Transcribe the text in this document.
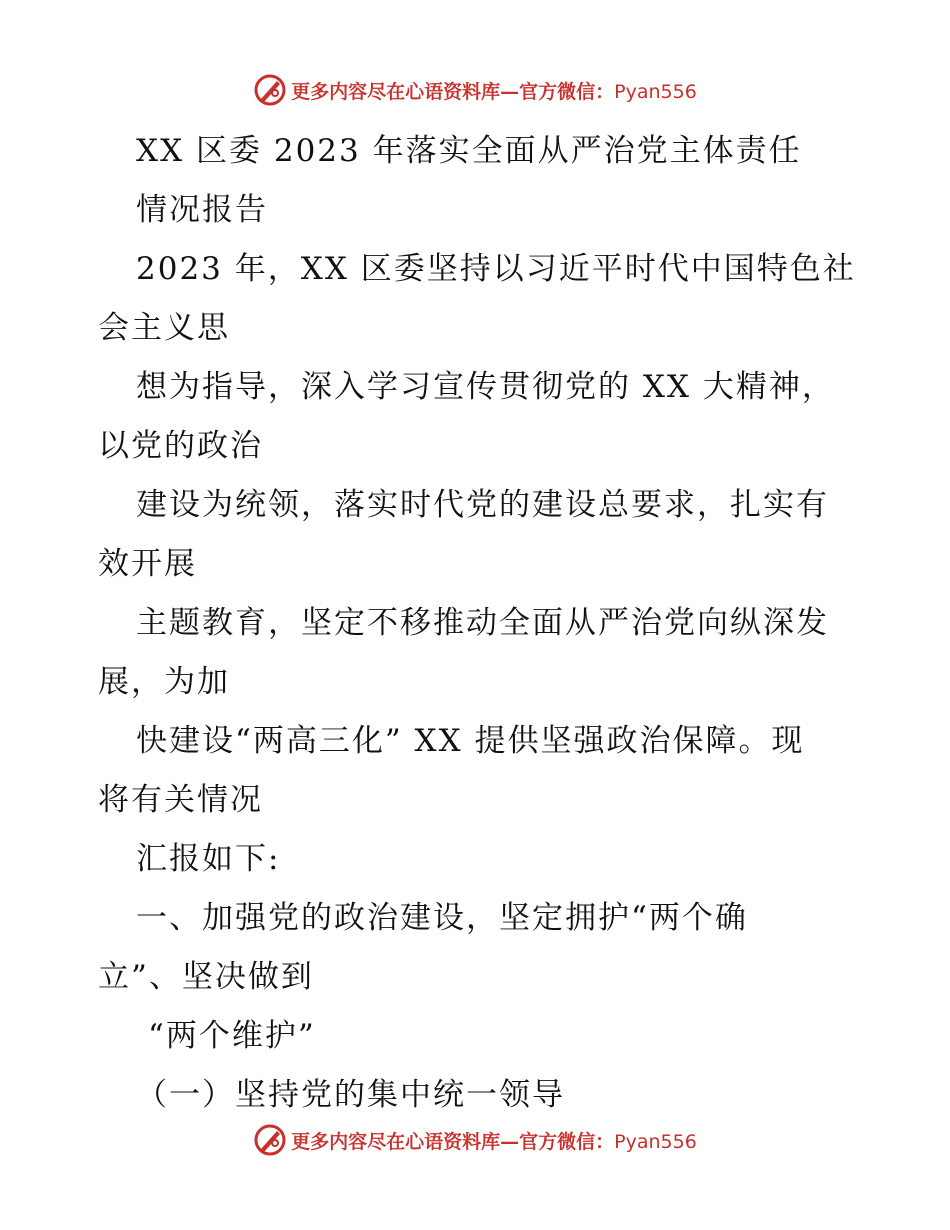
更多内容尽在心语资料库—官方微信：Pyan556
XX 区委 2023 年落实全面从严治党主体责任
情况报告
2023 年，XX 区委坚持以习近平时代中国特色社
会主义思
想为指导，深入学习宣传贯彻党的 XX 大精神，
以党的政治
建设为统领，落实时代党的建设总要求，扎实有
效开展
主题教育，坚定不移推动全面从严治党向纵深发
展，为加
快建设“两高三化” XX 提供坚强政治保障。现
将有关情况
汇报如下:
一、加强党的政治建设，坚定拥护“两个确
立”、坚决做到
“两个维护”
（一）坚持党的集中统一领导
更多内容尽在心语资料库—官方微信：Pyan556
